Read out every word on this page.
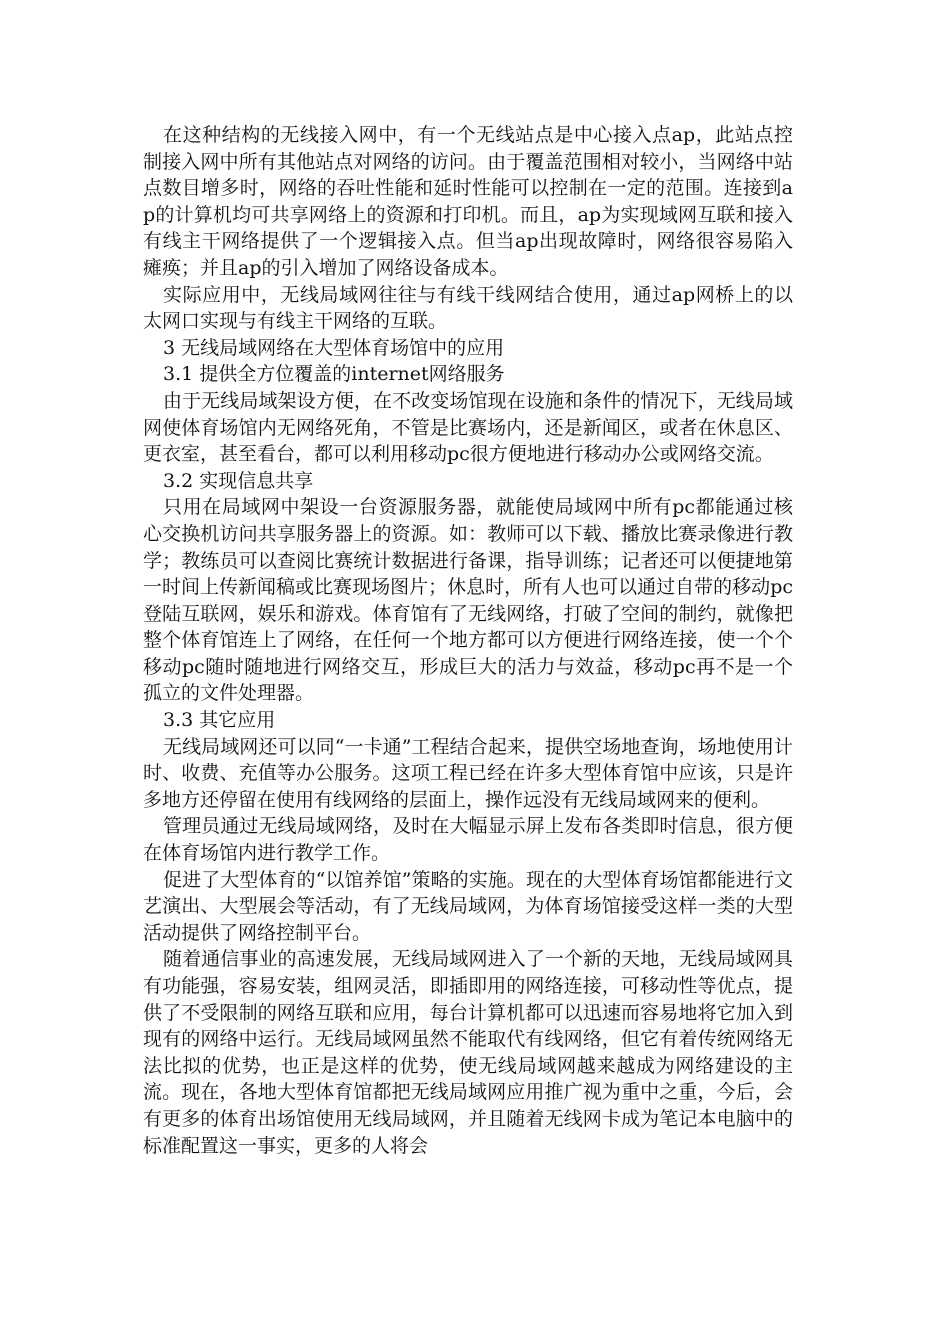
在这种结构的无线接入网中，有一个无线站点是中心接入点ap，此站点控制接入网中所有其他站点对网络的访问。由于覆盖范围相对较小，当网络中站点数目增多时，网络的吞吐性能和延时性能可以控制在一定的范围。连接到ap的计算机均可共享网络上的资源和打印机。而且，ap为实现域网互联和接入有线主干网络提供了一个逻辑接入点。但当ap出现故障时，网络很容易陷入瘫痪；并且ap的引入增加了网络设备成本。

实际应用中，无线局域网往往与有线干线网结合使用，通过ap网桥上的以太网口实现与有线主干网络的互联。

3 无线局域网络在大型体育场馆中的应用

3.1 提供全方位覆盖的internet网络服务

由于无线局域架设方便，在不改变场馆现在设施和条件的情况下，无线局域网使体育场馆内无网络死角，不管是比赛场内，还是新闻区，或者在休息区、更衣室，甚至看台，都可以利用移动pc很方便地进行移动办公或网络交流。

3.2 实现信息共享

只用在局域网中架设一台资源服务器，就能使局域网中所有pc都能通过核心交换机访问共享服务器上的资源。如：教师可以下载、播放比赛录像进行教学；教练员可以查阅比赛统计数据进行备课，指导训练；记者还可以便捷地第一时间上传新闻稿或比赛现场图片；休息时，所有人也可以通过自带的移动pc登陆互联网，娱乐和游戏。体育馆有了无线网络，打破了空间的制约，就像把整个体育馆连上了网络，在任何一个地方都可以方便进行网络连接，使一个个移动pc随时随地进行网络交互，形成巨大的活力与效益，移动pc再不是一个孤立的文件处理器。

3.3 其它应用

无线局域网还可以同“一卡通”工程结合起来，提供空场地查询，场地使用计时、收费、充值等办公服务。这项工程已经在许多大型体育馆中应该，只是许多地方还停留在使用有线网络的层面上，操作远没有无线局域网来的便利。

管理员通过无线局域网络，及时在大幅显示屏上发布各类即时信息，很方便在体育场馆内进行教学工作。

促进了大型体育的“以馆养馆”策略的实施。现在的大型体育场馆都能进行文艺演出、大型展会等活动，有了无线局域网，为体育场馆接受这样一类的大型活动提供了网络控制平台。

随着通信事业的高速发展，无线局域网进入了一个新的天地，无线局域网具有功能强，容易安装，组网灵活，即插即用的网络连接，可移动性等优点，提供了不受限制的网络互联和应用，每台计算机都可以迅速而容易地将它加入到现有的网络中运行。无线局域网虽然不能取代有线网络，但它有着传统网络无法比拟的优势，也正是这样的优势，使无线局域网越来越成为网络建设的主流。现在，各地大型体育馆都把无线局域网应用推广视为重中之重，今后，会有更多的体育出场馆使用无线局域网，并且随着无线网卡成为笔记本电脑中的标准配置这一事实，更多的人将会
